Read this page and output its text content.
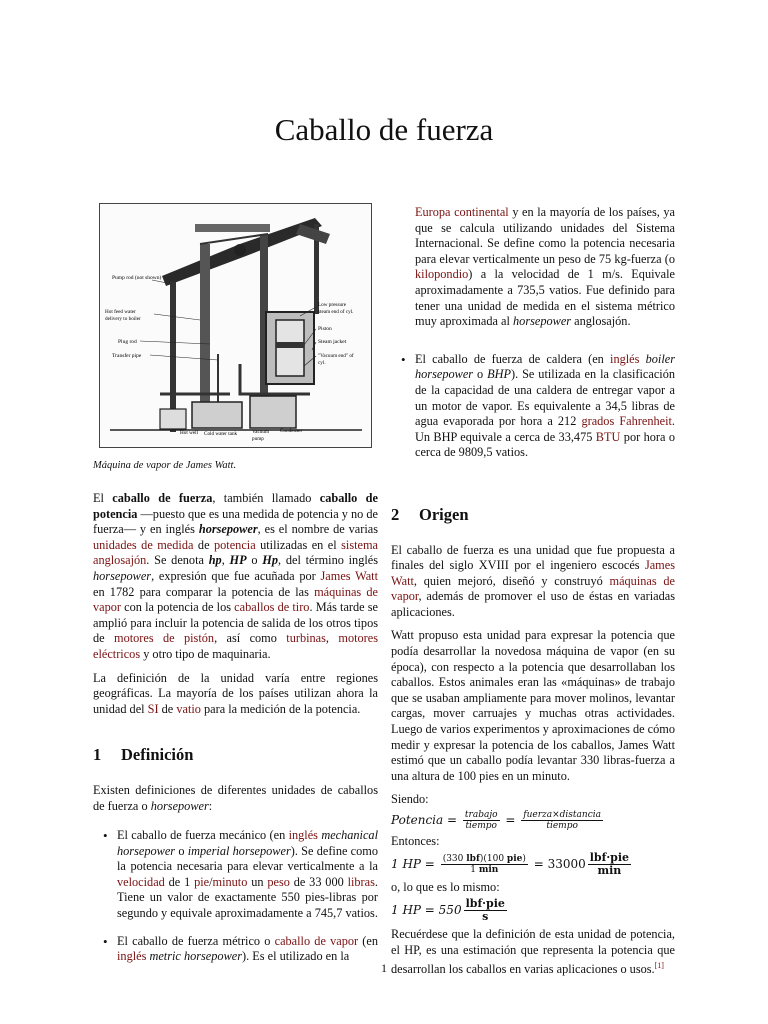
Caballo de fuerza
Pump rod (not shown)
Hot feed water
delivery to boiler
Plug rod
Transfer pipe
Low pressure
steam end of cyl.
Piston
Steam jacket
"Vacuum end" of
cyl.
Hot well Cold water tank	Vacuum
pump
Condenser
Máquina de vapor de James Watt.

El caballo de fuerza, también llamado caballo de potencia —puesto que es una medida de potencia y no de fuerza— y en inglés horsepower, es el nombre de varias unidades de medida de potencia utilizadas en el sistema anglosajón. Se denota hp, HP o Hp, del término inglés horsepower, expresión que fue acuñada por James Watt en 1782 para comparar la potencia de las máquinas de vapor con la potencia de los caballos de tiro. Más tarde se amplió para incluir la potencia de salida de los otros tipos de motores de pistón, así como turbinas, motores eléctricos y otro tipo de maquinaria.

La definición de la unidad varía entre regiones geográficas. La mayoría de los países utilizan ahora la unidad del SI de vatio para la medición de la potencia.

1 Definición

Existen definiciones de diferentes unidades de caballos de fuerza o horsepower:

• El caballo de fuerza mecánico (en inglés mechanical horsepower o imperial horsepower). Se define como la potencia necesaria para elevar verticalmente a la velocidad de 1 pie/minuto un peso de 33 000 libras. Tiene un valor de exactamente 550 pies-libras por segundo y equivale aproximadamente a 745,7 vatios.
• El caballo de fuerza métrico o caballo de vapor (en inglés metric horsepower). Es el utilizado en la

Europa continental y en la mayoría de los países, ya que se calcula utilizando unidades del Sistema Internacional. Se define como la potencia necesaria para elevar verticalmente un peso de 75 kg-fuerza (o kilopondio) a la velocidad de 1 m/s. Equivale aproximadamente a 735,5 vatios. Fue definido para tener una unidad de medida en el sistema métrico muy aproximada al horsepower anglosajón.

• El caballo de fuerza de caldera (en inglés boiler horsepower o BHP). Se utilizada en la clasificación de la capacidad de una caldera de entregar vapor a un motor de vapor. Es equivalente a 34,5 libras de agua evaporada por hora a 212 grados Fahrenheit. Un BHP equivale a cerca de 33,475 BTU por hora o cerca de 9809,5 vatios.
2 Origen

El caballo de fuerza es una unidad que fue propuesta a finales del siglo XVIII por el ingeniero escocés James Watt, quien mejoró, diseñó y construyó máquinas de vapor, además de promover el uso de éstas en variadas aplicaciones.

Watt propuso esta unidad para expresar la potencia que podía desarrollar la novedosa máquina de vapor (en su época), con respecto a la potencia que desarrollaban los caballos. Estos animales eran las «máquinas» de trabajo que se usaban ampliamente para mover molinos, levantar cargas, mover carruajes y muchas otras actividades. Luego de varios experimentos y aproximaciones de cómo medir y expresar la potencia de los caballos, James Watt estimó que un caballo podía levantar 330 libras-fuerza a una altura de 100 pies en un minuto.

Siendo:
Potencia = $\frac{\text{trabajo}}{\text{tiempo}} = \frac{\text{fuerza×distancia}}{\text{tiempo}}$
Entonces:
1 HP = $\frac{\text{(330 lbf)(100 pie)}}{1 \min} = 33000 \frac{\text{lbf·pie}}{\min}$
o, lo que es lo mismo:
1 HP = $550 \frac{\text{lbf·pie}}{s}$

Recuérdese que la definición de esta unidad de potencia, el HP, es una estimación que representa la potencia que desarrollan los caballos en varias aplicaciones o usos.[1]

1
